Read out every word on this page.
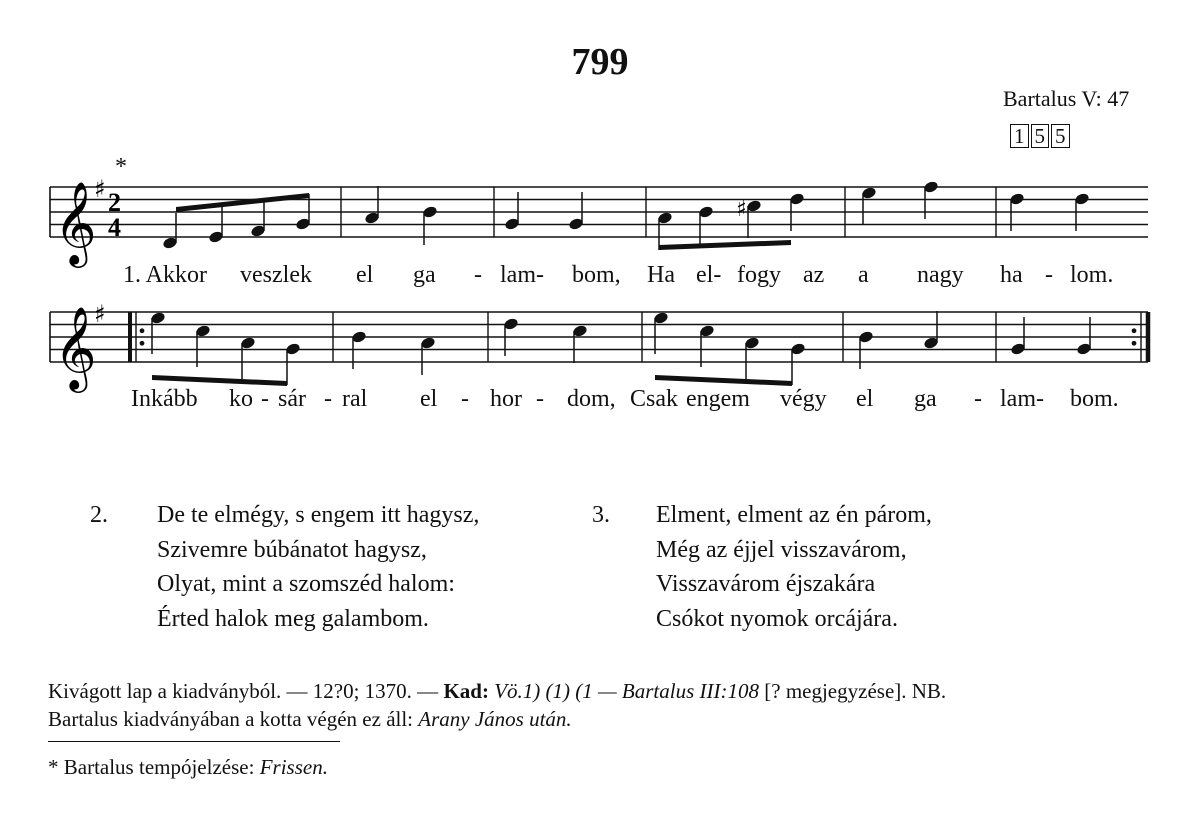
799
Bartalus V: 47
1 5 5
*
𝄞
♯ 2
4
♯
𝄞
♯
1. Akkor veszlek el ga - lam- bom, Ha el- fogy az a nagy ha - lom.
Inkább ko - sár - ral el - hor - dom, Csak engem végy el ga - lam- bom.
2. De te elmégy, s engem itt hagysz,
Szivemre búbánatot hagysz,
Olyat, mint a szomszéd halom:
Érted halok meg galambom.
3. Elment, elment az én párom,
Még az éjjel visszavárom,
Visszavárom éjszakára
Csókot nyomok orcájára.
Kivágott lap a kiadványból. — 12?0; 1370. — Kad: Vö.1) (1) (1 — Bartalus III:108 [? megjegyzése]. NB.
Bartalus kiadványában a kotta végén ez áll: Arany János után.
* Bartalus tempójelzése: Frissen.
